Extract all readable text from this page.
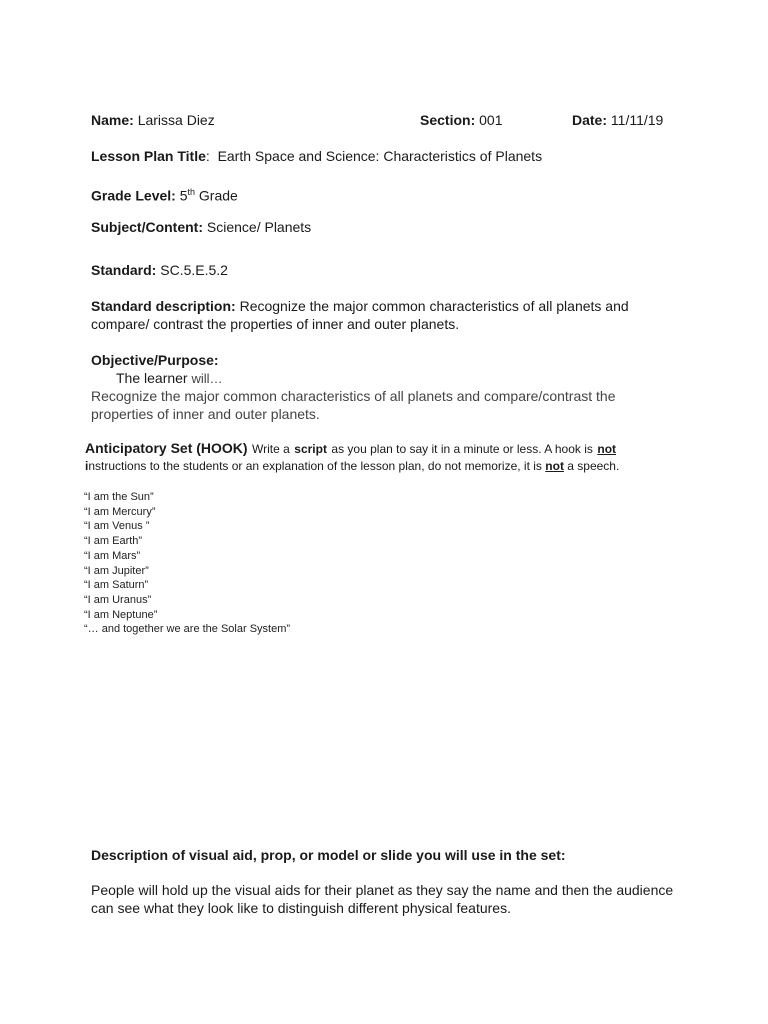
Name: Larissa Diez	Section: 001	Date: 11/11/19
Lesson Plan Title: Earth Space and Science: Characteristics of Planets
Grade Level: 5th Grade
Subject/Content: Science/ Planets
Standard: SC.5.E.5.2
Standard description: Recognize the major common characteristics of all planets and
compare/ contrast the properties of inner and outer planets.
Objective/Purpose:
The learner will…
Recognize the major common characteristics of all planets and compare/contrast the
properties of inner and outer planets.
Anticipatory Set (HOOK) Write a script as you plan to say it in a minute or less. A hook is not
instructions to the students or an explanation of the lesson plan, do not memorize, it is not a speech.
“I am the Sun”
“I am Mercury”
“I am Venus ”
“I am Earth”
“I am Mars”
“I am Jupiter”
“I am Saturn”
“I am Uranus”
“I am Neptune”
“… and together we are the Solar System”
Description of visual aid, prop, or model or slide you will use in the set:
People will hold up the visual aids for their planet as they say the name and then the audience
can see what they look like to distinguish different physical features.
